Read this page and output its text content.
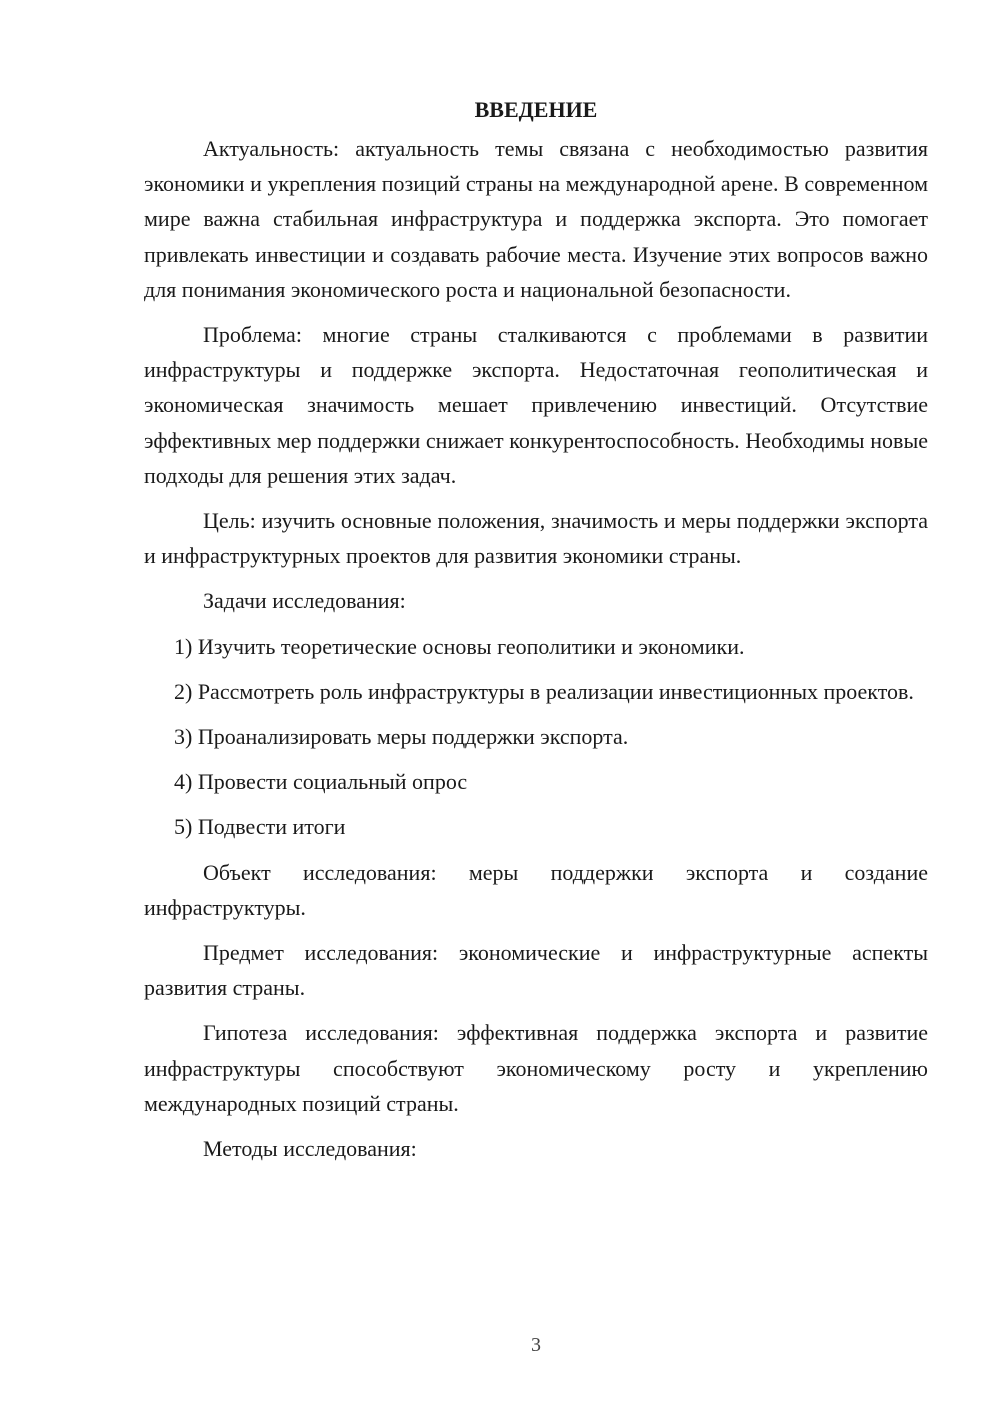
ВВЕДЕНИЕ

Актуальность: актуальность темы связана с необходимостью развития экономики и укрепления позиций страны на международной арене. В современном мире важна стабильная инфраструктура и поддержка экспорта. Это помогает привлекать инвестиции и создавать рабочие места. Изучение этих вопросов важно для понимания экономического роста и национальной безопасности.

Проблема: многие страны сталкиваются с проблемами в развитии инфраструктуры и поддержке экспорта. Недостаточная геополитическая и экономическая значимость мешает привлечению инвестиций. Отсутствие эффективных мер поддержки снижает конкурентоспособность. Необходимы новые подходы для решения этих задач.

Цель: изучить основные положения, значимость и меры поддержки экспорта и инфраструктурных проектов для развития экономики страны.

Задачи исследования:

1) Изучить теоретические основы геополитики и экономики.

2) Рассмотреть роль инфраструктуры в реализации инвестиционных проектов.

3) Проанализировать меры поддержки экспорта.

4) Провести социальный опрос

5) Подвести итоги

Объект исследования: меры поддержки экспорта и создание инфраструктуры.

Предмет исследования: экономические и инфраструктурные аспекты развития страны.

Гипотеза исследования: эффективная поддержка экспорта и развитие инфраструктуры способствуют экономическому росту и укреплению международных позиций страны.

Методы исследования:

3
